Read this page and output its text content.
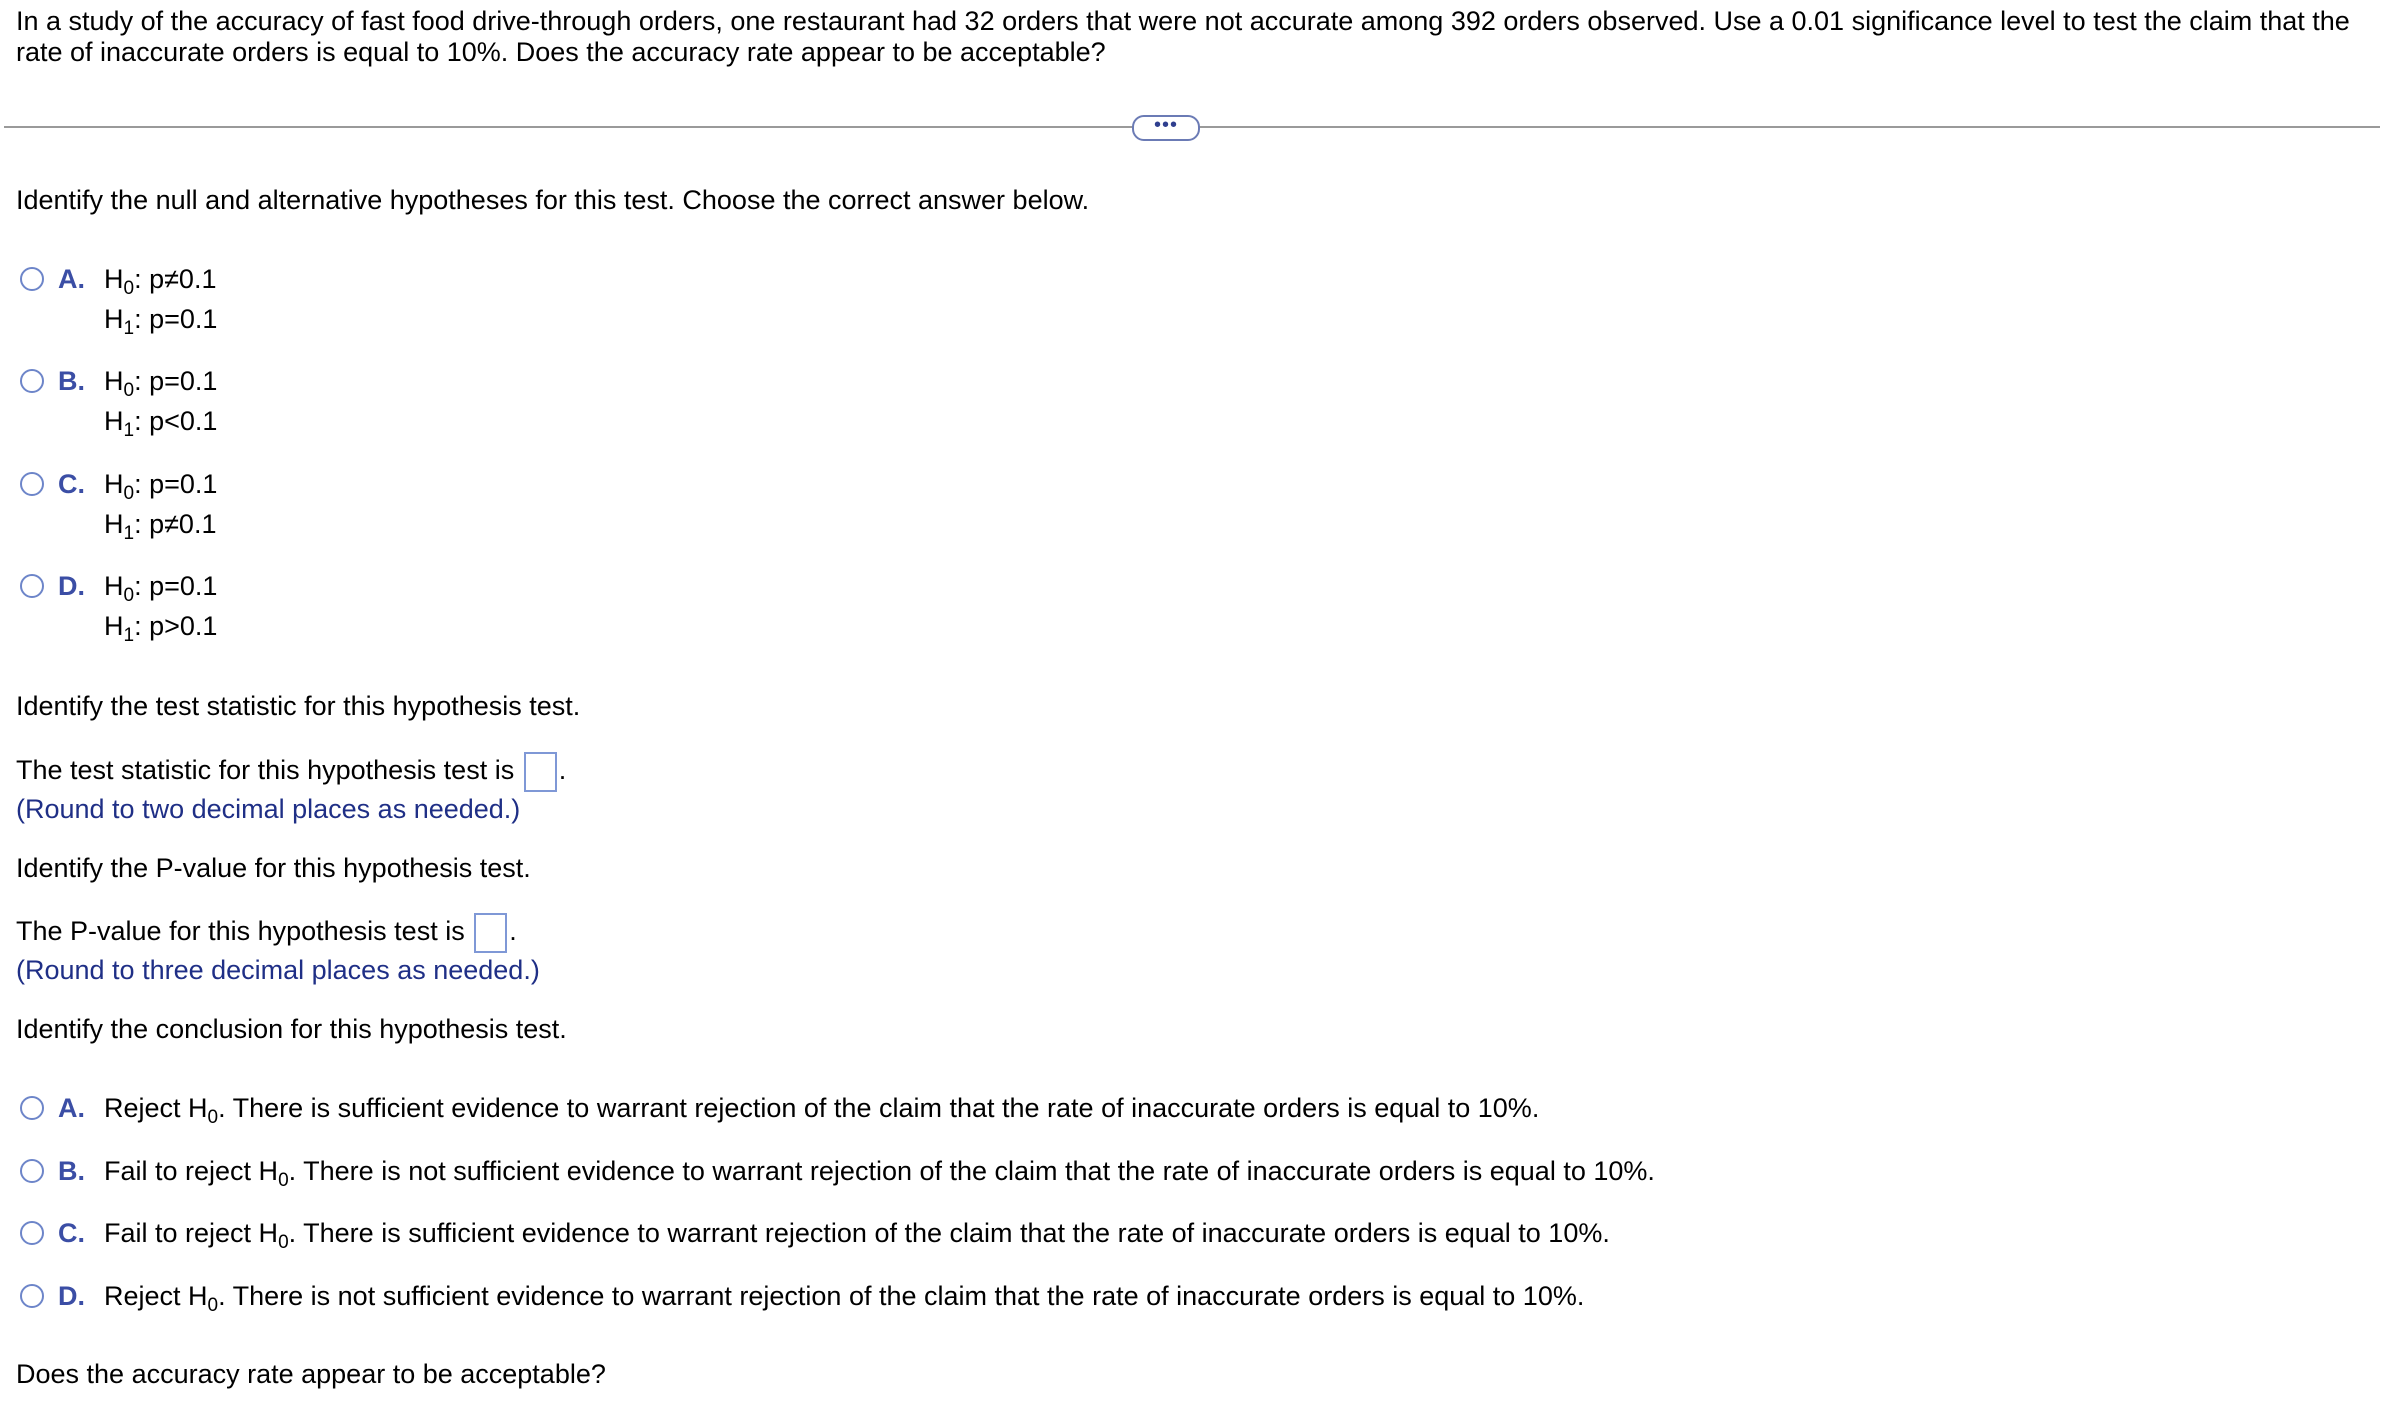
In a study of the accuracy of fast food drive-through orders, one restaurant had 32 orders that were not accurate among 392 orders observed. Use a 0.01 significance level to test the claim that the rate of inaccurate orders is equal to 10%. Does the accuracy rate appear to be acceptable?
•••
Identify the null and alternative hypotheses for this test. Choose the correct answer below.
A. $H_0$: p≠0.1
$H_1$: p=0.1
B. $H_0$: p=0.1
$H_1$: p<0.1
C. $H_0$: p=0.1
$H_1$: p≠0.1
D. $H_0$: p=0.1
$H_1$: p>0.1
Identify the test statistic for this hypothesis test.
The test statistic for this hypothesis test is .
(Round to two decimal places as needed.)
Identify the P-value for this hypothesis test.
The P-value for this hypothesis test is .
(Round to three decimal places as needed.)
Identify the conclusion for this hypothesis test.
A. Reject $H_0$. There is sufficient evidence to warrant rejection of the claim that the rate of inaccurate orders is equal to 10%.
B. Fail to reject $H_0$. There is not sufficient evidence to warrant rejection of the claim that the rate of inaccurate orders is equal to 10%.
C. Fail to reject $H_0$. There is sufficient evidence to warrant rejection of the claim that the rate of inaccurate orders is equal to 10%.
D. Reject $H_0$. There is not sufficient evidence to warrant rejection of the claim that the rate of inaccurate orders is equal to 10%.
Does the accuracy rate appear to be acceptable?
